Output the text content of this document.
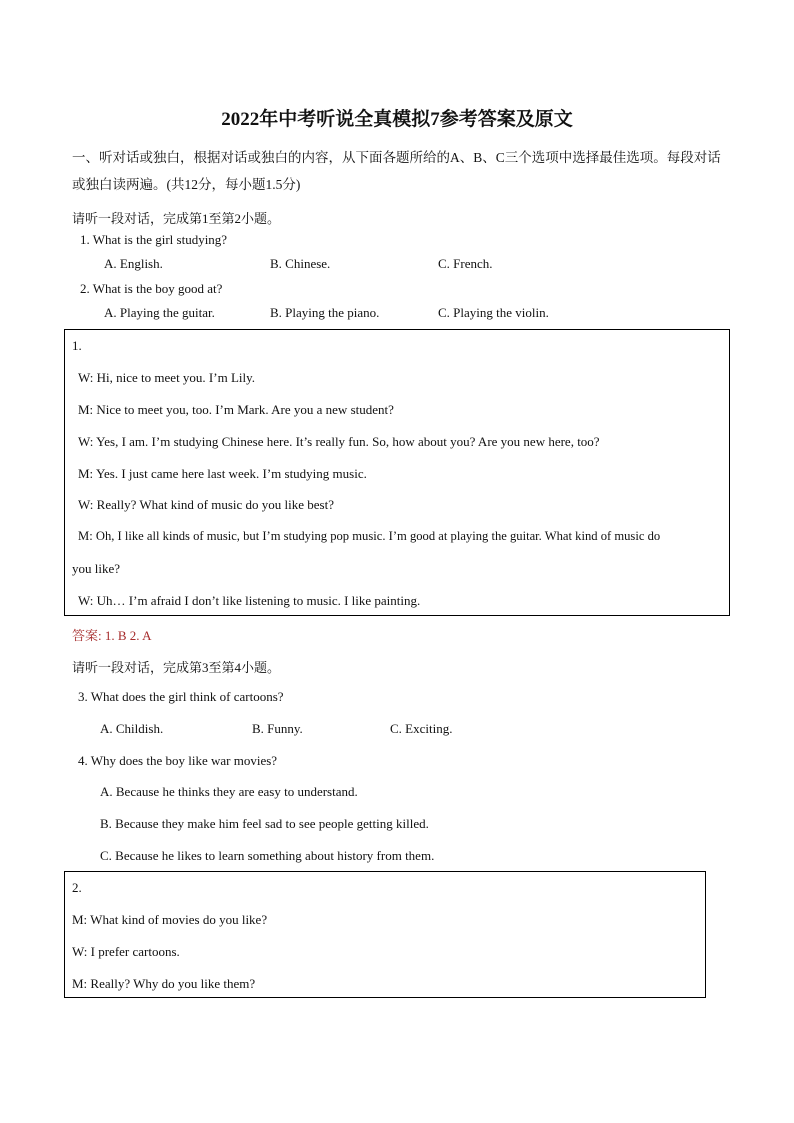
2022年中考听说全真模拟7参考答案及原文
一、听对话或独白，根据对话或独白的内容，从下面各题所给的A、B、C三个选项中选择最佳选项。每段对话或独白读两遍。(共12分，每小题1.5分)
请听一段对话，完成第1至第2小题。
1. What is the girl studying?
A. English.	B. Chinese.	C. French.
2. What is the boy good at?
A. Playing the guitar.	B. Playing the piano.	C. Playing the violin.
1.
W: Hi, nice to meet you. I’m Lily.
M: Nice to meet you, too. I’m Mark. Are you a new student?
W: Yes, I am. I’m studying Chinese here. It’s really fun. So, how about you? Are you new here, too?
M: Yes. I just came here last week. I’m studying music.
W: Really? What kind of music do you like best?
M: Oh, I like all kinds of music, but I’m studying pop music. I’m good at playing the guitar. What kind of music do
you like?
W: Uh… I’m afraid I don’t like listening to music. I like painting.
答案: 1. B 2. A
请听一段对话，完成第3至第4小题。
3. What does the girl think of cartoons?
A. Childish.	B. Funny.	C. Exciting.
4. Why does the boy like war movies?
A. Because he thinks they are easy to understand.
B. Because they make him feel sad to see people getting killed.
C. Because he likes to learn something about history from them.
2.
M: What kind of movies do you like?
W: I prefer cartoons.
M: Really? Why do you like them?
